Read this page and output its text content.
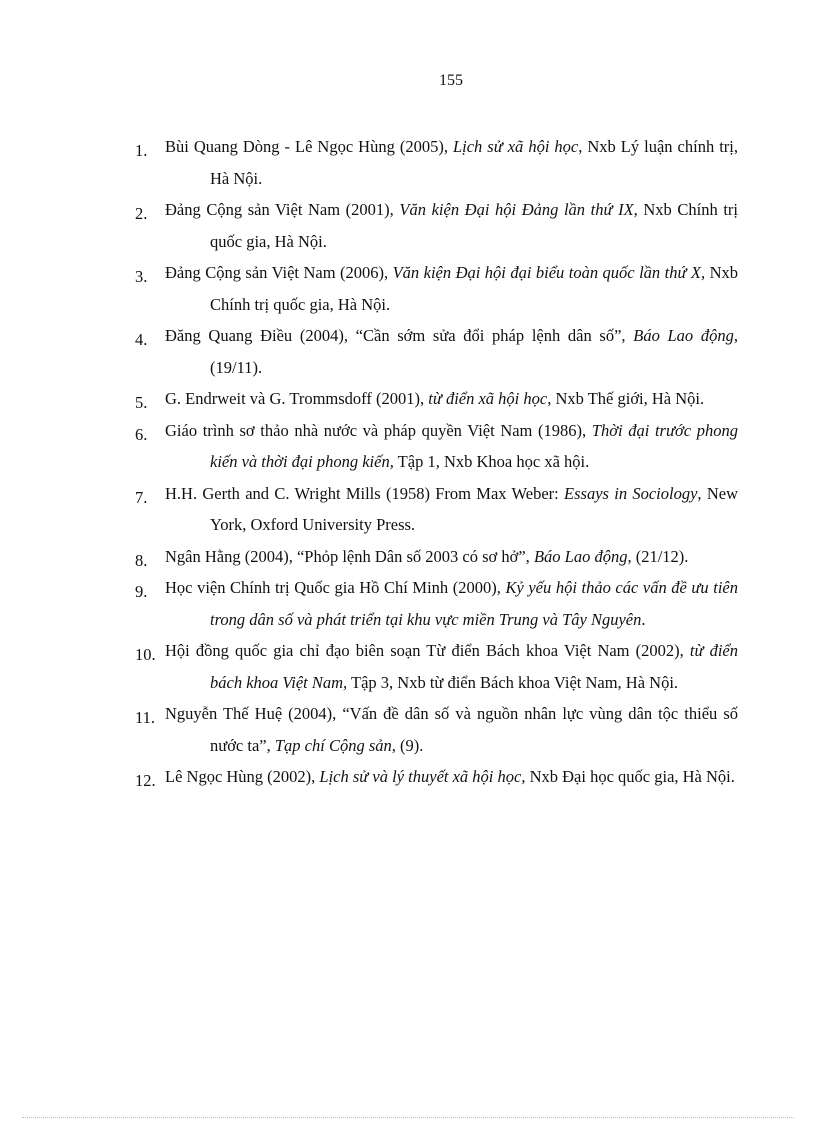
155
1. Bùi Quang Dòng - Lê Ngọc Hùng (2005), Lịch sử xã hội học, Nxb Lý luận chính trị, Hà Nội.
2. Đảng Cộng sản Việt Nam (2001), Văn kiện Đại hội Đảng lần thứ IX, Nxb Chính trị quốc gia, Hà Nội.
3. Đảng Cộng sản Việt Nam (2006), Văn kiện Đại hội đại biểu toàn quốc lần thứ X, Nxb Chính trị quốc gia, Hà Nội.
4. Đăng Quang Điều (2004), “Cần sớm sửa đổi pháp lệnh dân số”, Báo Lao động, (19/11).
5. G. Endrweit và G. Trommsdoff (2001), từ điển xã hội học, Nxb Thế giới, Hà Nội.
6. Giáo trình sơ thảo nhà nước và pháp quyền Việt Nam (1986), Thời đại trước phong kiến và thời đại phong kiến, Tập 1, Nxb Khoa học xã hội.
7. H.H. Gerth and C. Wright Mills (1958) From Max Weber: Essays in Sociology, New York, Oxford University Press.
8. Ngân Hằng (2004), “Phỏp lệnh Dân số 2003 có sơ hở”, Báo Lao động, (21/12).
9. Học viện Chính trị Quốc gia Hồ Chí Minh (2000), Kỷ yếu hội thảo các vấn đề ưu tiên trong dân số và phát triển tại khu vực miền Trung và Tây Nguyên.
10. Hội đồng quốc gia chỉ đạo biên soạn Từ điển Bách khoa Việt Nam (2002), từ điển bách khoa Việt Nam, Tập 3, Nxb từ điển Bách khoa Việt Nam, Hà Nội.
11. Nguyễn Thế Huệ (2004), “Vấn đề dân số và nguồn nhân lực vùng dân tộc thiểu số nước ta”, Tạp chí Cộng sản, (9).
12. Lê Ngọc Hùng (2002), Lịch sử và lý thuyết xã hội học, Nxb Đại học quốc gia, Hà Nội.
